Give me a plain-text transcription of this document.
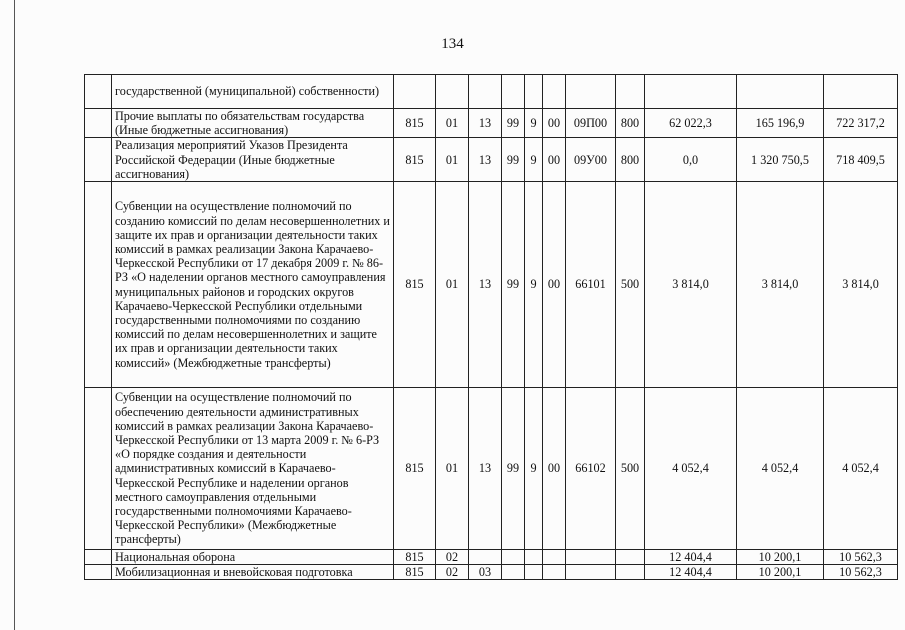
134
	государственной (муниципальной) собственности)											
	Прочие выплаты по обязательствам государства (Иные бюджетные ассигнования)	815	01	13	99	9	00	09П00	800	62 022,3	165 196,9	722 317,2
	Реализация мероприятий Указов Президента Российской Федерации (Иные бюджетные ассигнования)	815	01	13	99	9	00	09У00	800	0,0	1 320 750,5	718 409,5
	Субвенции на осуществление полномочий по созданию комиссий по делам несовершеннолетних и защите их прав и организации деятельности таких комиссий в рамках реализации Закона Карачаево-Черкесской Республики от 17 декабря 2009 г. № 86-РЗ «О наделении органов местного самоуправления муниципальных районов и городских округов Карачаево-Черкесской Республики отдельными государственными полномочиями по созданию комиссий по делам несовершеннолетних и защите их прав и организации деятельности таких комиссий» (Межбюджетные трансферты)	815	01	13	99	9	00	66101	500	3 814,0	3 814,0	3 814,0
	Субвенции на осуществление полномочий по обеспечению деятельности административных комиссий в рамках реализации Закона Карачаево-Черкесской Республики от 13 марта 2009 г. № 6-РЗ «О порядке создания и деятельности административных комиссий в Карачаево-Черкесской Республике и наделении органов местного самоуправления отдельными государственными полномочиями Карачаево-Черкесской Республики» (Межбюджетные трансферты)	815	01	13	99	9	00	66102	500	4 052,4	4 052,4	4 052,4
	Национальная оборона	815	02							12 404,4	10 200,1	10 562,3
	Мобилизационная и вневойсковая подготовка	815	02	03						12 404,4	10 200,1	10 562,3
